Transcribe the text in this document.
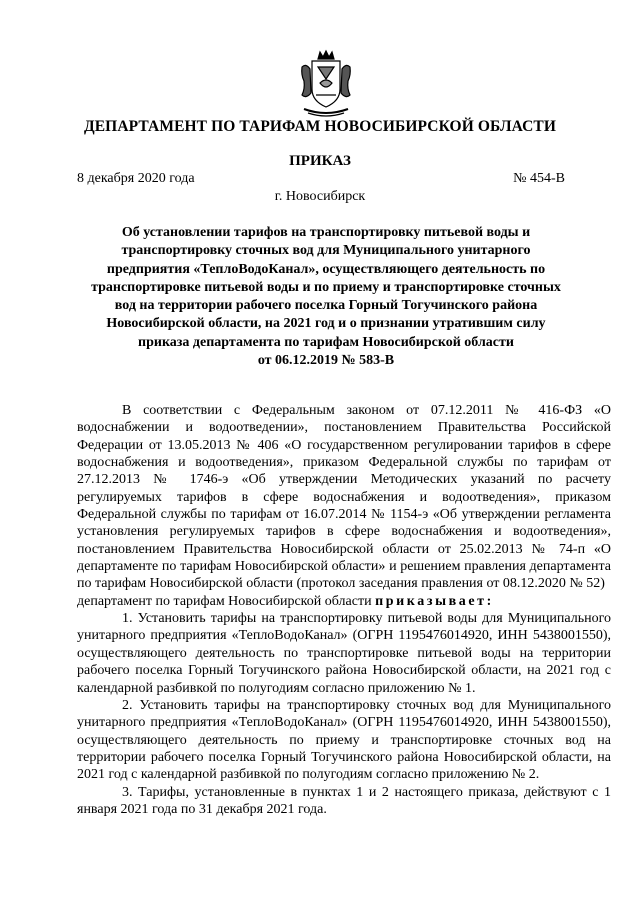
ДЕПАРТАМЕНТ ПО ТАРИФАМ НОВОСИБИРСКОЙ ОБЛАСТИ
ПРИКАЗ
8 декабря 2020 года	№ 454-В
г. Новосибирск
Об установлении тарифов на транспортировку питьевой воды и
транспортировку сточных вод для Муниципального унитарного
предприятия «ТеплоВодоКанал», осуществляющего деятельность по
транспортировке питьевой воды и по приему и транспортировке сточных
вод на территории рабочего поселка Горный Тогучинского района
Новосибирской области, на 2021 год и о признании утратившим силу
приказа департамента по тарифам Новосибирской области
от 06.12.2019 № 583-В

В соответствии с Федеральным законом от 07.12.2011 № 416-ФЗ «О водоснабжении и водоотведении», постановлением Правительства Российской Федерации от 13.05.2013 № 406 «О государственном регулировании тарифов в сфере водоснабжения и водоотведения», приказом Федеральной службы по тарифам от 27.12.2013 № 1746-э «Об утверждении Методических указаний по расчету регулируемых тарифов в сфере водоснабжения и водоотведения», приказом Федеральной службы по тарифам от 16.07.2014 № 1154-э «Об утверждении регламента установления регулируемых тарифов в сфере водоснабжения и водоотведения», постановлением Правительства Новосибирской области от 25.02.2013 № 74-п «О департаменте по тарифам Новосибирской области» и решением правления департамента по тарифам Новосибирской области (протокол заседания правления от 08.12.2020 № 52)

департамент по тарифам Новосибирской области приказывает:

1. Установить тарифы на транспортировку питьевой воды для Муниципального унитарного предприятия «ТеплоВодоКанал» (ОГРН 1195476014920, ИНН 5438001550), осуществляющего деятельность по транспортировке питьевой воды на территории рабочего поселка Горный Тогучинского района Новосибирской области, на 2021 год с календарной разбивкой по полугодиям согласно приложению № 1.

2. Установить тарифы на транспортировку сточных вод для Муниципального унитарного предприятия «ТеплоВодоКанал» (ОГРН 1195476014920, ИНН 5438001550), осуществляющего деятельность по приему и транспортировке сточных вод на территории рабочего поселка Горный Тогучинского района Новосибирской области, на 2021 год с календарной разбивкой по полугодиям согласно приложению № 2.

3. Тарифы, установленные в пунктах 1 и 2 настоящего приказа, действуют с 1 января 2021 года по 31 декабря 2021 года.
